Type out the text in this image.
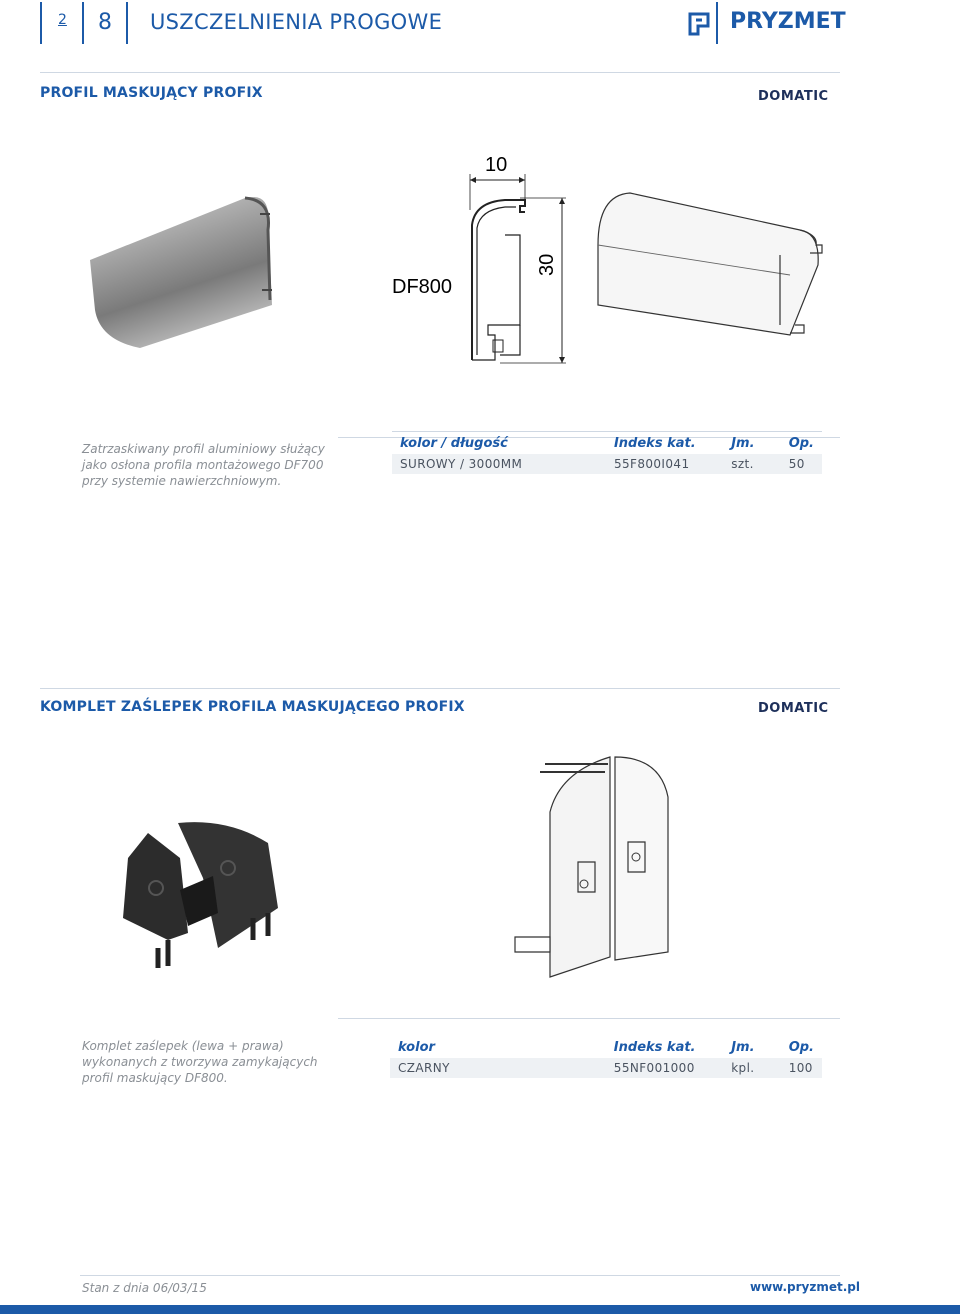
2 8 USZCZELNIENIA PROGOWE	PRYZMET
PROFIL MASKUJĄCY PROFIX	DOMATIC
10
30
DF800
Zatrzaskiwany profil aluminiowy służący jako osłona profila montażowego DF700 przy systemie nawierzchniowym.
kolor / długość	Indeks kat.	Jm.	Op.
SUROWY / 3000MM	55F800I041	szt.	50
KOMPLET ZAŚLEPEK PROFILA MASKUJĄCEGO PROFIX	DOMATIC
Komplet zaślepek (lewa + prawa) wykonanych z tworzywa zamykających profil maskujący DF800.
kolor	Indeks kat.	Jm.	Op.
CZARNY	55NF001000	kpl.	100
Stan z dnia 06/03/15	www.pryzmet.pl
